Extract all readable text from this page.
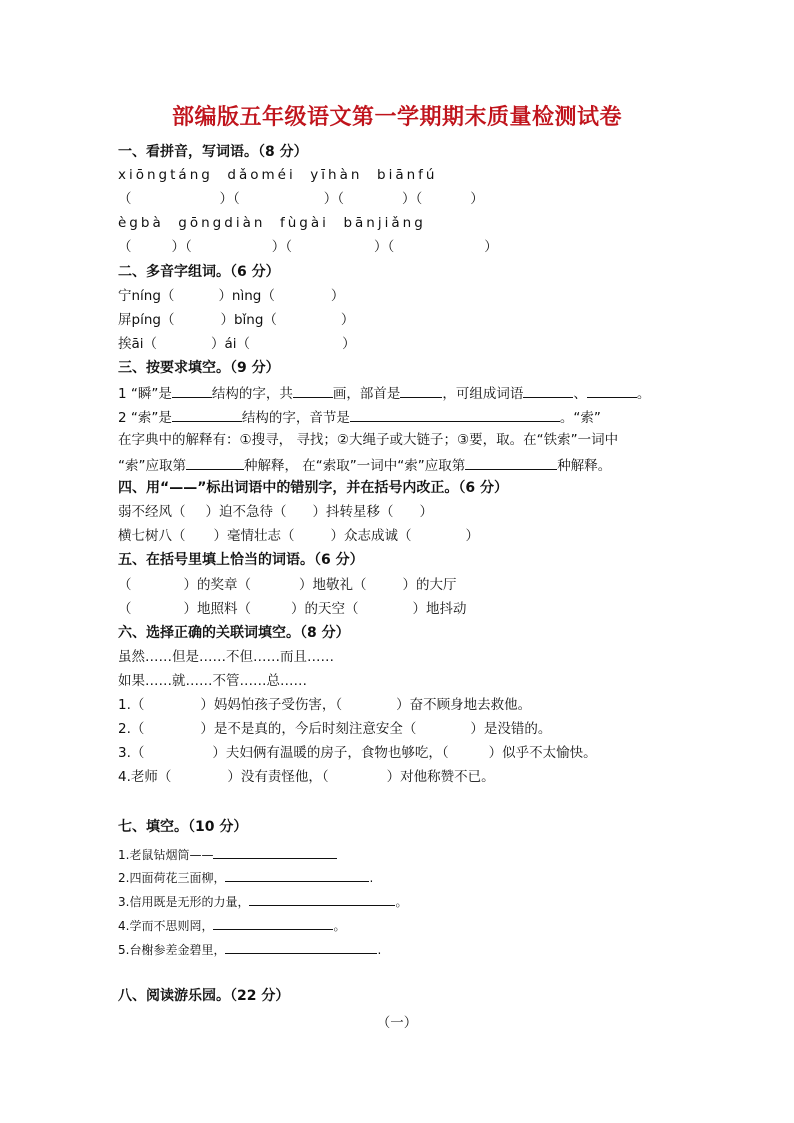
部编版五年级语文第一学期期末质量检测试卷
一、看拼音，写词语。（8 分）
xiōngtáng  dǎoméi  yīhàn  biānfú
（	）（	）（	）（	）
ègbà  gōngdiàn  fùgài  bānjiǎng
（	）（	）（	）（	）
二、多音字组词。（6 分）
宁níng（	）nìng（	）
屏píng（	）bǐng（	）
挨āi（	）ái（	）
三、按要求填空。（9 分）
1 “瞬”是	结构的字，共	画，部首是	，可组成词语	、	。
2 “索”是	结构的字，音节是	。“索”
在字典中的解释有：①搜寻， 寻找；②大绳子或大链子；③要，取。在“铁索”一词中
“索”应取第	种解释， 在“索取”一词中“索”应取第	种解释。
四、用“——”标出词语中的错别字，并在括号内改正。（6 分）
弱不经风（ ）迫不急待（ ）抖转星移（ ）
横七树八（ ）毫情壮志（	）众志成诚（	）
五、在括号里填上恰当的词语。（6 分）
（	）的奖章（	）地敬礼（	）的大厅
（	）地照料（	）的天空（	）地抖动
六、选择正确的关联词填空。（8 分）
虽然……但是……不但……而且……
如果……就……不管……总……
1.（	）妈妈怕孩子受伤害，（	）奋不顾身地去救他。
2.（	）是不是真的，今后时刻注意安全（	）是没错的。
3.（	）夫妇俩有温暖的房子，食物也够吃，（	）似乎不太愉快。
4.老师（	）没有责怪他，（	）对他称赞不已。
七、填空。（10 分）
1.老鼠钻烟筒——
2.四面荷花三面柳，	.
3.信用既是无形的力量，	。
4.学而不思则罔，	。
5.台榭参差金碧里，	.
八、阅读游乐园。（22 分）
（一）
